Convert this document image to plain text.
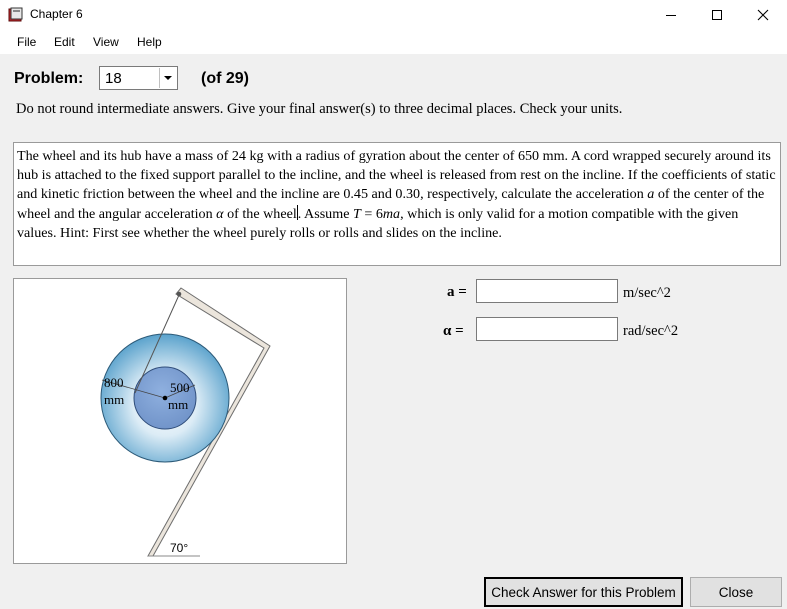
Chapter 6
File Edit View Help
Problem: 18	(of 29)
Do not round intermediate answers. Give your final answer(s) to three decimal places. Check your units.
The wheel and its hub have a mass of 24 kg with a radius of gyration about the center of 650 mm. A cord wrapped securely around its hub is attached to the fixed support parallel to the incline, and the wheel is released from rest on the incline. If the coefficients of static and kinetic friction between the wheel and the incline are 0.45 and 0.30, respectively, calculate the acceleration a of the center of the wheel and the angular acceleration α of the wheel. Assume T = 6ma, which is only valid for a motion compatible with the given values. Hint: First see whether the wheel purely rolls or rolls and slides on the incline.
800
mm
500
mm
70°
a =	m/sec^2
α =	rad/sec^2
Check Answer for this Problem	Close
